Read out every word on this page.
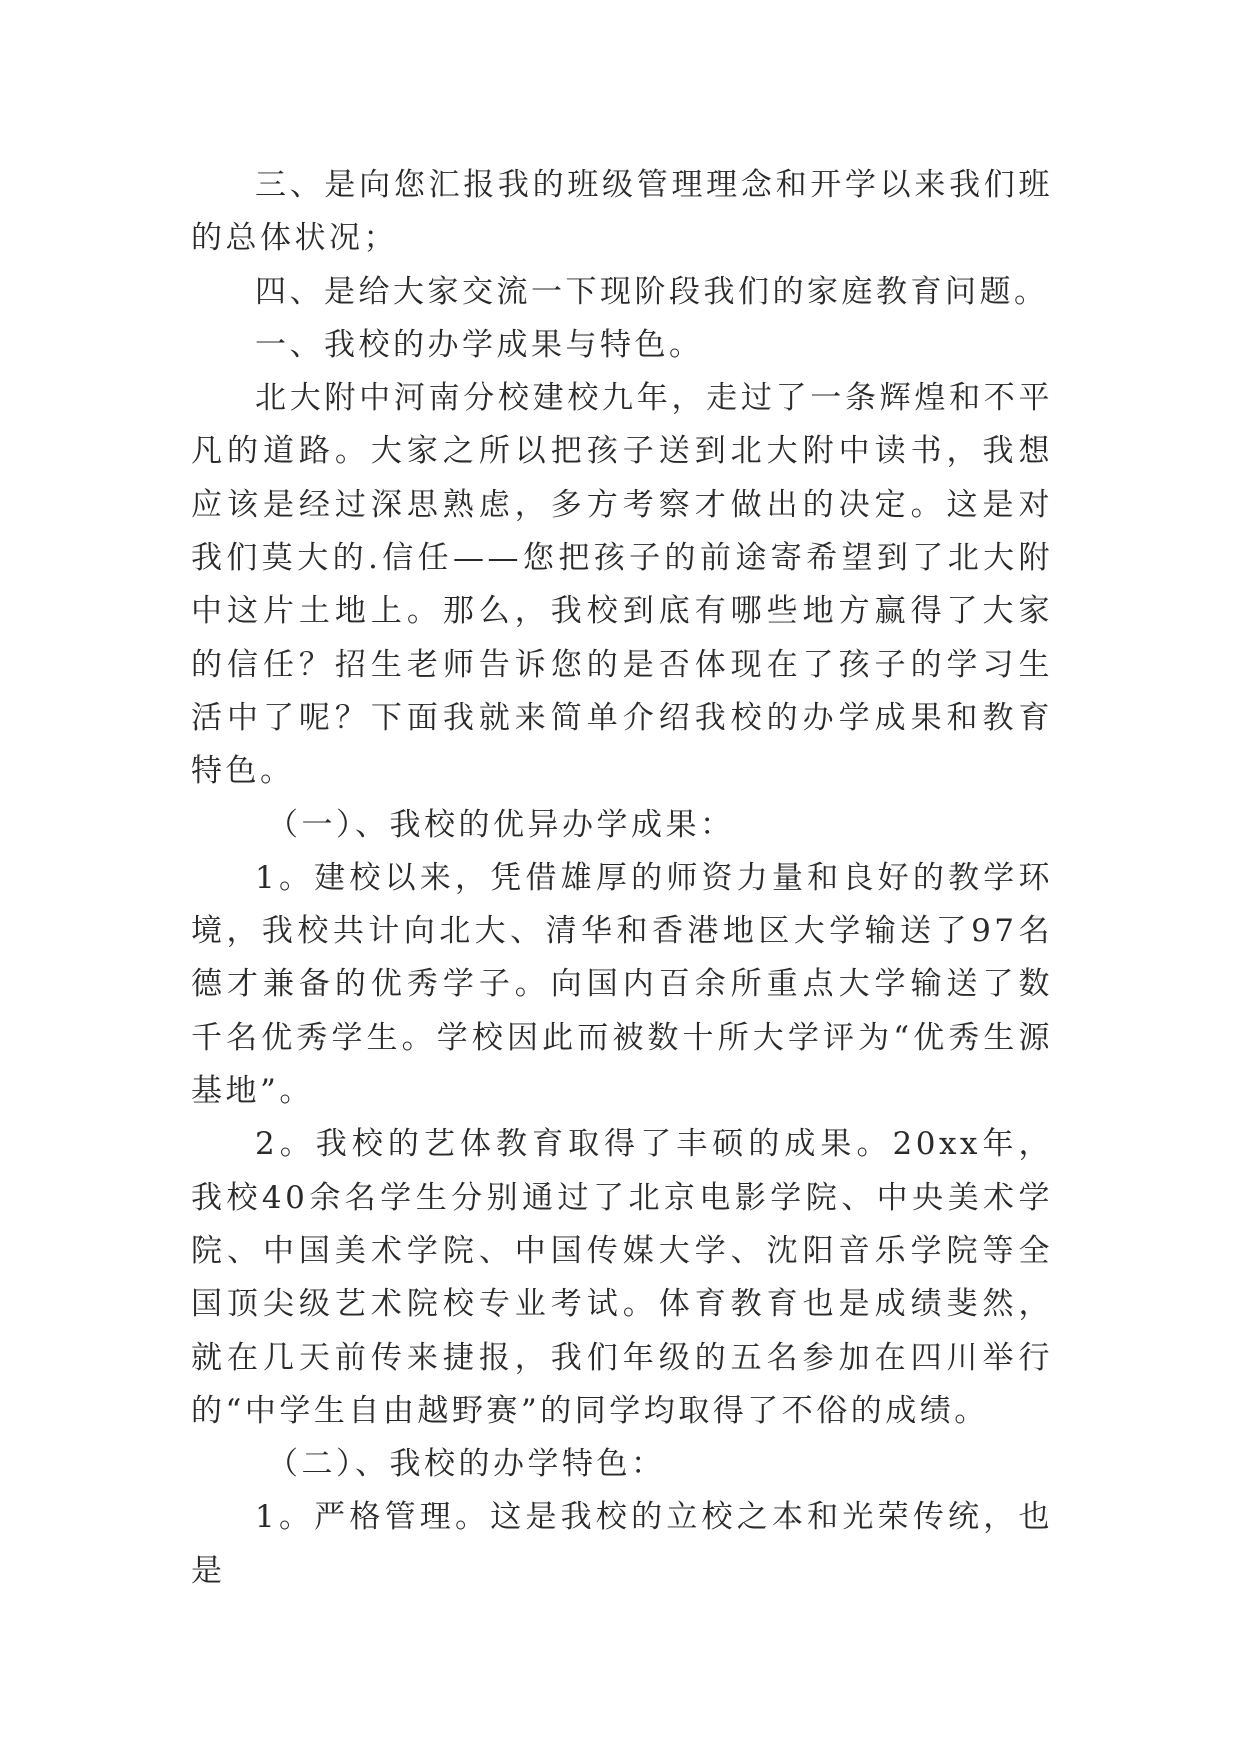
三、是向您汇报我的班级管理理念和开学以来我们班的总体状况；

四、是给大家交流一下现阶段我们的家庭教育问题。

一、我校的办学成果与特色。

北大附中河南分校建校九年，走过了一条辉煌和不平凡的道路。大家之所以把孩子送到北大附中读书，我想应该是经过深思熟虑，多方考察才做出的决定。这是对我们莫大的.信任——您把孩子的前途寄希望到了北大附中这片土地上。那么，我校到底有哪些地方赢得了大家的信任？招生老师告诉您的是否体现在了孩子的学习生活中了呢？下面我就来简单介绍我校的办学成果和教育特色。

（一）、我校的优异办学成果：

1。建校以来，凭借雄厚的师资力量和良好的教学环境，我校共计向北大、清华和香港地区大学输送了97名德才兼备的优秀学子。向国内百余所重点大学输送了数千名优秀学生。学校因此而被数十所大学评为“优秀生源基地”。

2。我校的艺体教育取得了丰硕的成果。20xx年，我校40余名学生分别通过了北京电影学院、中央美术学院、中国美术学院、中国传媒大学、沈阳音乐学院等全国顶尖级艺术院校专业考试。体育教育也是成绩斐然，就在几天前传来捷报，我们年级的五名参加在四川举行的“中学生自由越野赛”的同学均取得了不俗的成绩。

（二）、我校的办学特色：

1。严格管理。这是我校的立校之本和光荣传统，也是
